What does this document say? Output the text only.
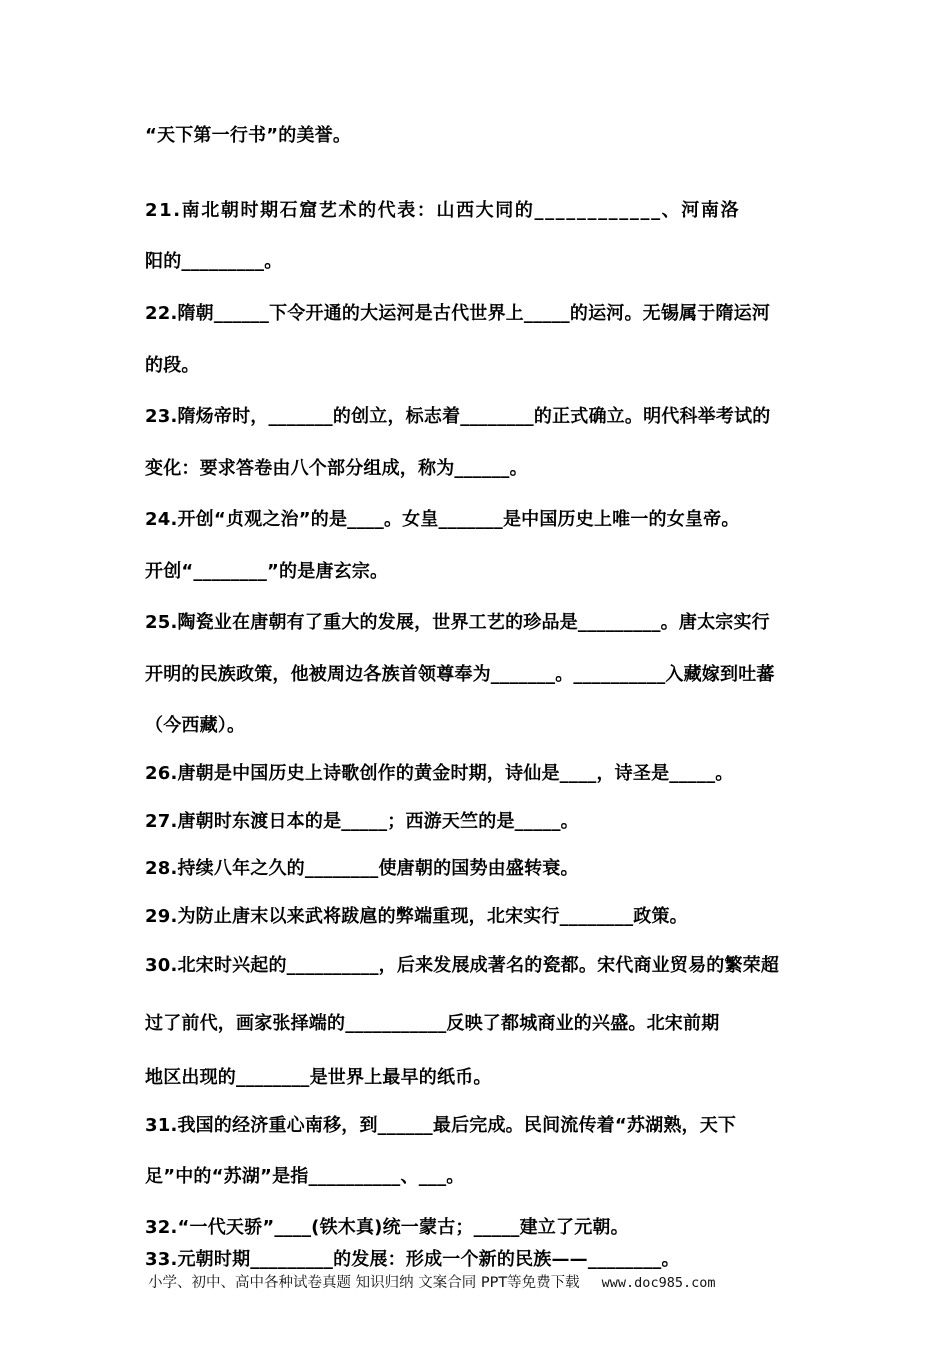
“天下第一行书”的美誉。
21.南北朝时期石窟艺术的代表：山西大同的____________、河南洛
阳的_________。
22.隋朝______下令开通的大运河是古代世界上_____的运河。无锡属于隋运河
的段。
23.隋炀帝时，_______的创立，标志着________的正式确立。明代科举考试的
变化：要求答卷由八个部分组成，称为______。
24.开创“贞观之治”的是____。女皇_______是中国历史上唯一的女皇帝。
开创“________”的是唐玄宗。
25.陶瓷业在唐朝有了重大的发展，世界工艺的珍品是_________。唐太宗实行
开明的民族政策，他被周边各族首领尊奉为_______。__________入藏嫁到吐蕃
（今西藏）。
26.唐朝是中国历史上诗歌创作的黄金时期，诗仙是____，诗圣是_____。
27.唐朝时东渡日本的是_____；西游天竺的是_____。
28.持续八年之久的________使唐朝的国势由盛转衰。
29.为防止唐末以来武将跋扈的弊端重现，北宋实行________政策。
30.北宋时兴起的__________，后来发展成著名的瓷都。宋代商业贸易的繁荣超
过了前代，画家张择端的___________反映了都城商业的兴盛。北宋前期
地区出现的________是世界上最早的纸币。
31.我国的经济重心南移，到______最后完成。民间流传着“苏湖熟，天下
足”中的“苏湖”是指__________、___。
32.“一代天骄”____(铁木真)统一蒙古；_____建立了元朝。
33.元朝时期_________的发展：形成一个新的民族——________。
小学、初中、高中各种试卷真题 知识归纳 文案合同 PPT等免费下载 www.doc985.com
